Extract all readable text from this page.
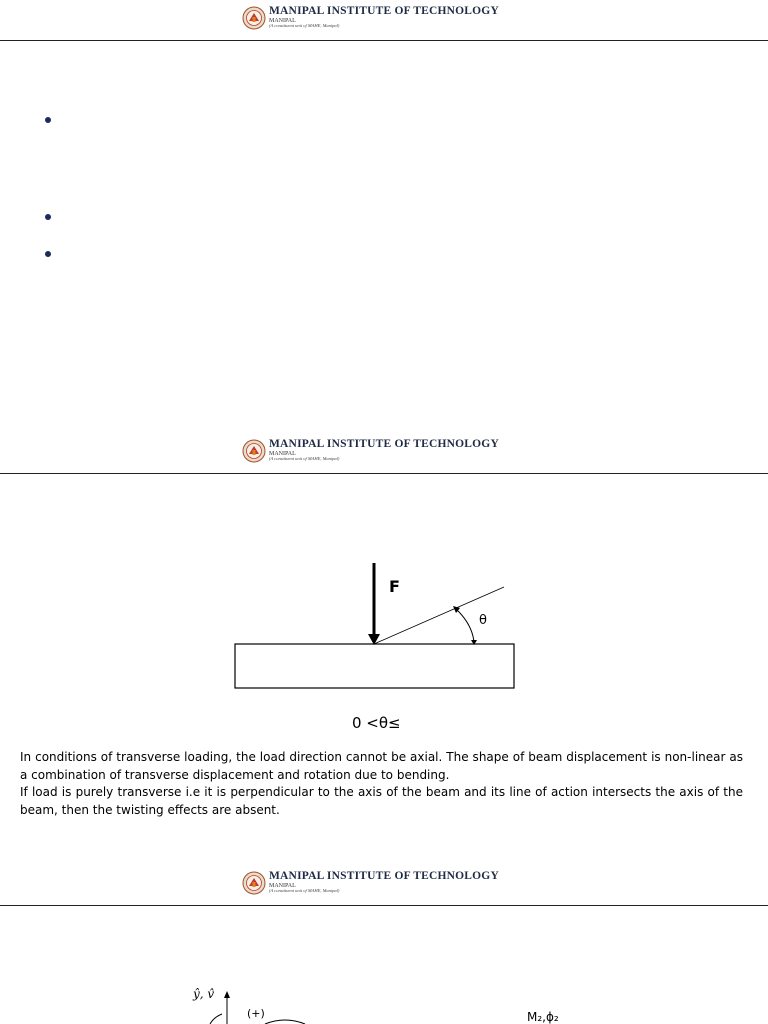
MANIPAL INSTITUTE OF TECHNOLOGY
MANIPAL
(A constituent unit of MAHE, Manipal)
MANIPAL INSTITUTE OF TECHNOLOGY
MANIPAL
(A constituent unit of MAHE, Manipal)
F
θ
0 <θ≤
In conditions of transverse loading, the load direction cannot be axial. The shape of beam displacement is non-linear as a combination of transverse displacement and rotation due to bending.
If load is purely transverse i.e it is perpendicular to the axis of the beam and its line of action intersects the axis of the beam, then the twisting effects are absent.
MANIPAL INSTITUTE OF TECHNOLOGY
MANIPAL
(A constituent unit of MAHE, Manipal)
ŷ, v̂
(+)	M₂,ϕ₂
